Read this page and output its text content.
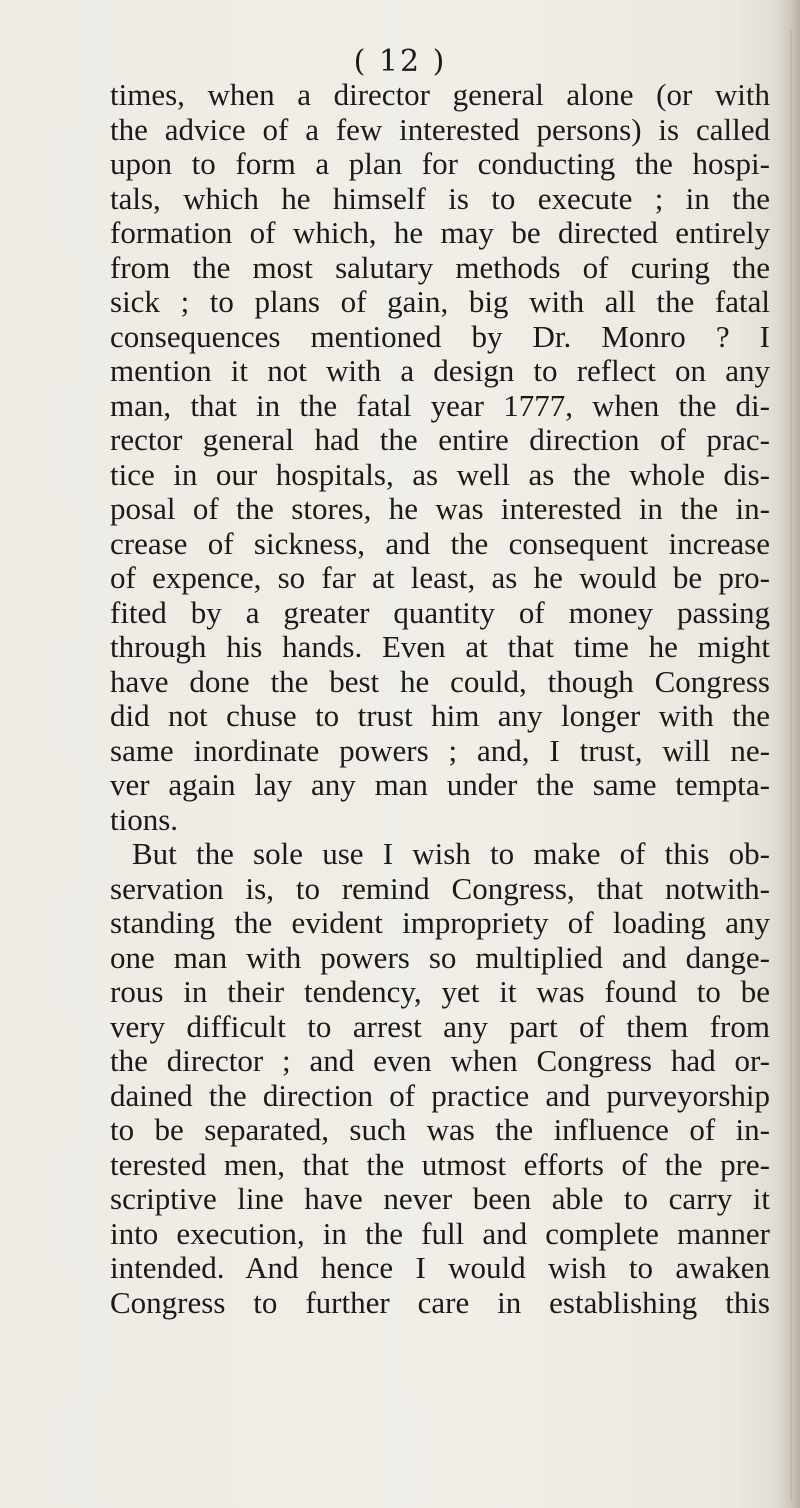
( 12 )
times, when a director general alone (or with
the advice of a few interested persons) is called
upon to form a plan for conducting the hospi-
tals, which he himself is to execute ; in the
formation of which, he may be directed entirely
from the most salutary methods of curing the
sick ; to plans of gain, big with all the fatal
consequences mentioned by Dr. Monro ? I
mention it not with a design to reflect on any
man, that in the fatal year 1777, when the di-
rector general had the entire direction of prac-
tice in our hospitals, as well as the whole dis-
posal of the stores, he was interested in the in-
crease of sickness, and the consequent increase
of expence, so far at least, as he would be pro-
fited by a greater quantity of money passing
through his hands. Even at that time he might
have done the best he could, though Congress
did not chuse to trust him any longer with the
same inordinate powers ; and, I trust, will ne-
ver again lay any man under the same tempta-
tions.
But the sole use I wish to make of this ob-
servation is, to remind Congress, that notwith-
standing the evident impropriety of loading any
one man with powers so multiplied and dange-
rous in their tendency, yet it was found to be
very difficult to arrest any part of them from
the director ; and even when Congress had or-
dained the direction of practice and purveyorship
to be separated, such was the influence of in-
terested men, that the utmost efforts of the pre-
scriptive line have never been able to carry it
into execution, in the full and complete manner
intended. And hence I would wish to awaken
Congress to further care in establishing this
